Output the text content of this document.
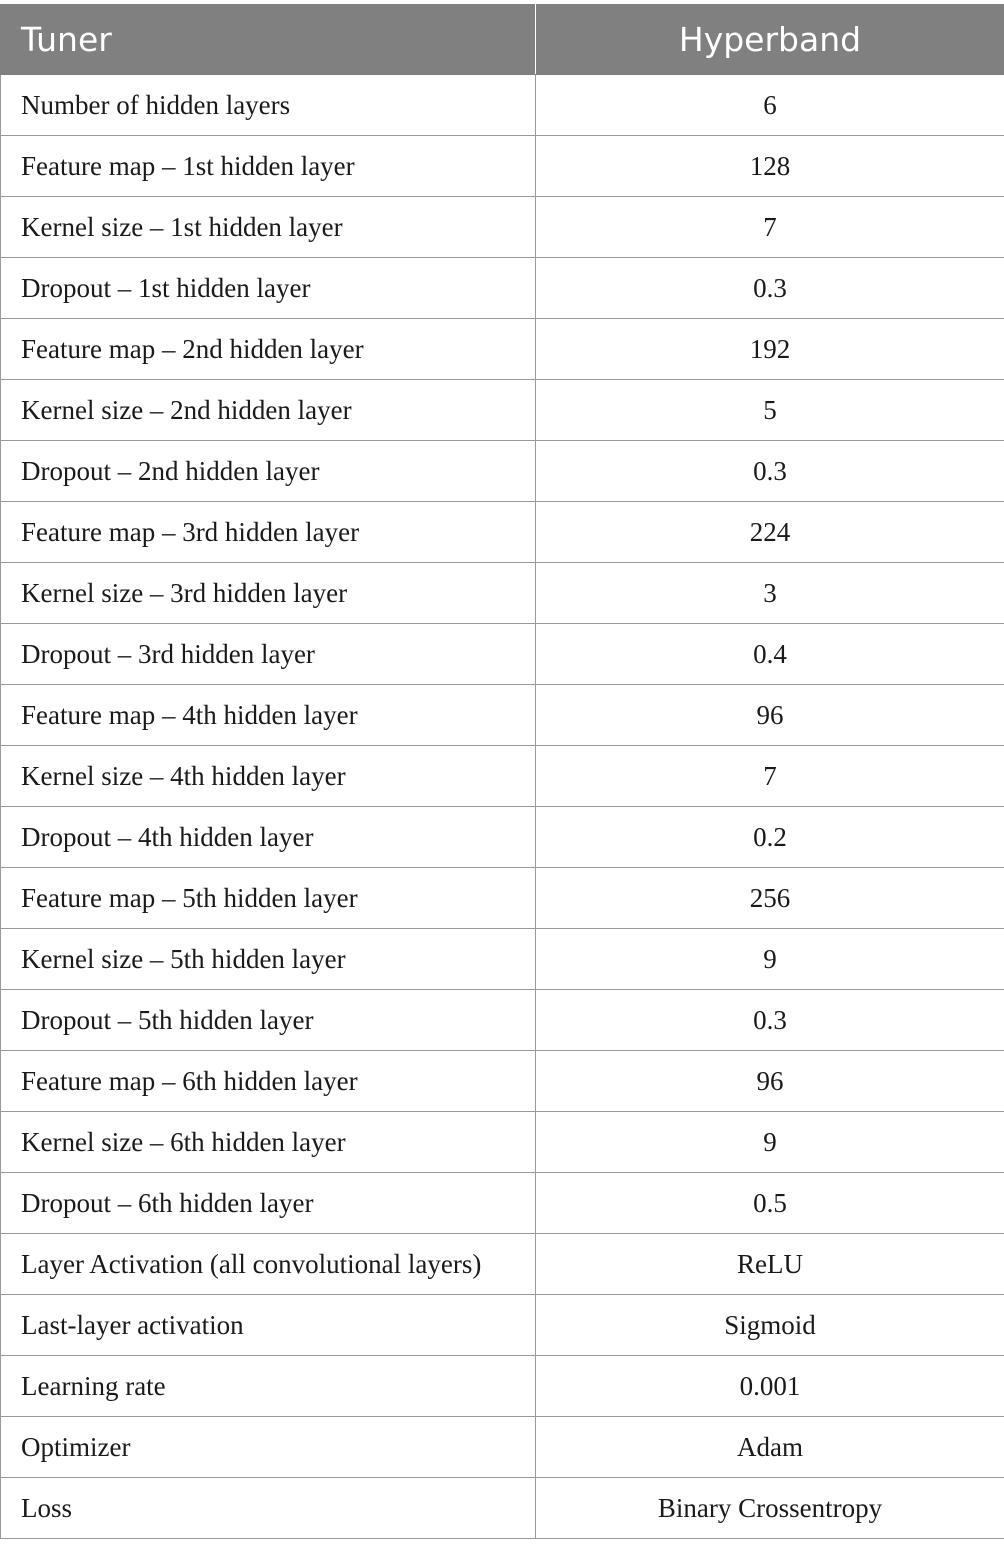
Tuner	Hyperband
Number of hidden layers	6
Feature map – 1st hidden layer	128
Kernel size – 1st hidden layer	7
Dropout – 1st hidden layer	0.3
Feature map – 2nd hidden layer	192
Kernel size – 2nd hidden layer	5
Dropout – 2nd hidden layer	0.3
Feature map – 3rd hidden layer	224
Kernel size – 3rd hidden layer	3
Dropout – 3rd hidden layer	0.4
Feature map – 4th hidden layer	96
Kernel size – 4th hidden layer	7
Dropout – 4th hidden layer	0.2
Feature map – 5th hidden layer	256
Kernel size – 5th hidden layer	9
Dropout – 5th hidden layer	0.3
Feature map – 6th hidden layer	96
Kernel size – 6th hidden layer	9
Dropout – 6th hidden layer	0.5
Layer Activation (all convolutional layers)	ReLU
Last-layer activation	Sigmoid
Learning rate	0.001
Optimizer	Adam
Loss	Binary Crossentropy
